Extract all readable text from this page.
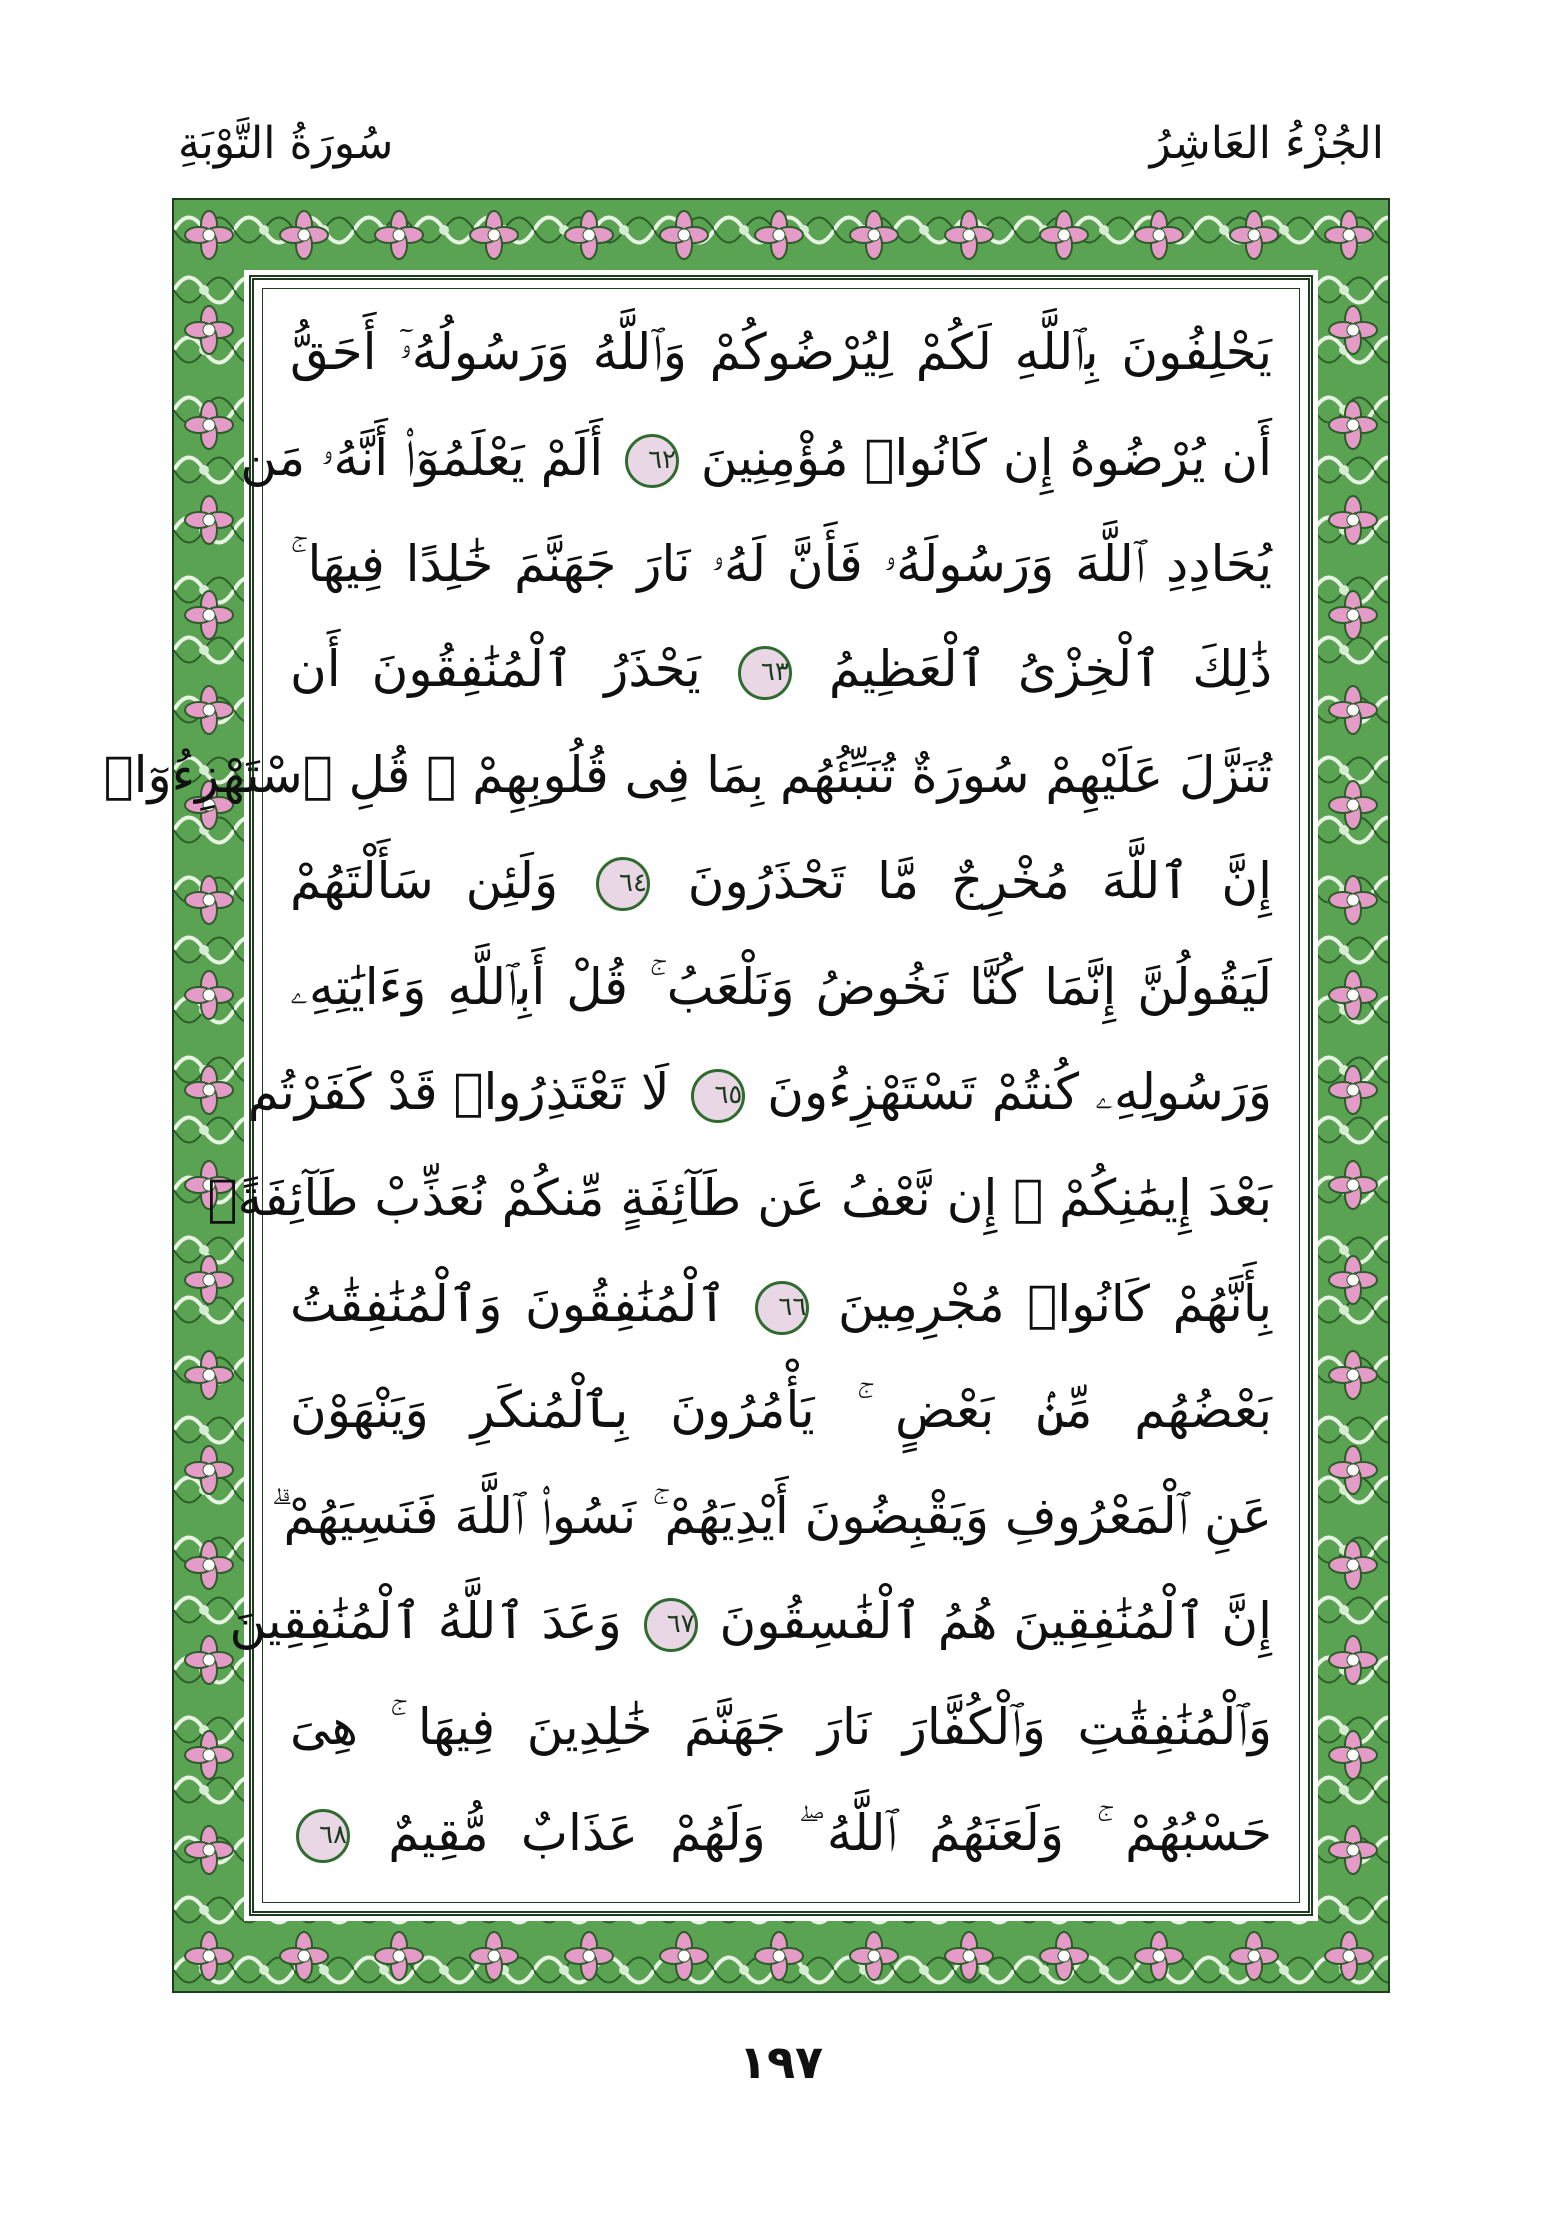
الجُزْءُ العَاشِرُ
سُورَةُ التَّوْبَةِ
يَحْلِفُونَ بِٱللَّهِ لَكُمْ لِيُرْضُوكُمْ وَٱللَّهُ وَرَسُولُهُۥٓ أَحَقُّ
أَن يُرْضُوهُ إِن كَانُوا۟ مُؤْمِنِينَ ٦٢ أَلَمْ يَعْلَمُوٓا۟ أَنَّهُۥ مَن
يُحَادِدِ ٱللَّهَ وَرَسُولَهُۥ فَأَنَّ لَهُۥ نَارَ جَهَنَّمَ خَٰلِدًا فِيهَا ۚ
ذَٰلِكَ ٱلْخِزْىُ ٱلْعَظِيمُ ٦٣ يَحْذَرُ ٱلْمُنَٰفِقُونَ أَن
تُنَزَّلَ عَلَيْهِمْ سُورَةٌ تُنَبِّئُهُم بِمَا فِى قُلُوبِهِمْ ۚ قُلِ ٱسْتَهْزِءُوٓا۟
إِنَّ ٱللَّهَ مُخْرِجٌ مَّا تَحْذَرُونَ ٦٤ وَلَئِن سَأَلْتَهُمْ
لَيَقُولُنَّ إِنَّمَا كُنَّا نَخُوضُ وَنَلْعَبُ ۚ قُلْ أَبِٱللَّهِ وَءَايَٰتِهِۦ
وَرَسُولِهِۦ كُنتُمْ تَسْتَهْزِءُونَ ٦٥ لَا تَعْتَذِرُوا۟ قَدْ كَفَرْتُم
بَعْدَ إِيمَٰنِكُمْ ۚ إِن نَّعْفُ عَن طَآئِفَةٍ مِّنكُمْ نُعَذِّبْ طَآئِفَةًۢ
بِأَنَّهُمْ كَانُوا۟ مُجْرِمِينَ ٦٦ ٱلْمُنَٰفِقُونَ وَٱلْمُنَٰفِقَٰتُ
بَعْضُهُم مِّنۢ بَعْضٍ ۚ يَأْمُرُونَ بِٱلْمُنكَرِ وَيَنْهَوْنَ
عَنِ ٱلْمَعْرُوفِ وَيَقْبِضُونَ أَيْدِيَهُمْ ۚ نَسُوا۟ ٱللَّهَ فَنَسِيَهُمْ ۗ
إِنَّ ٱلْمُنَٰفِقِينَ هُمُ ٱلْفَٰسِقُونَ ٦٧ وَعَدَ ٱللَّهُ ٱلْمُنَٰفِقِينَ
وَٱلْمُنَٰفِقَٰتِ وَٱلْكُفَّارَ نَارَ جَهَنَّمَ خَٰلِدِينَ فِيهَا ۚ هِىَ
حَسْبُهُمْ ۚ وَلَعَنَهُمُ ٱللَّهُ ۖ وَلَهُمْ عَذَابٌ مُّقِيمٌ ٦٨
١٩٧
